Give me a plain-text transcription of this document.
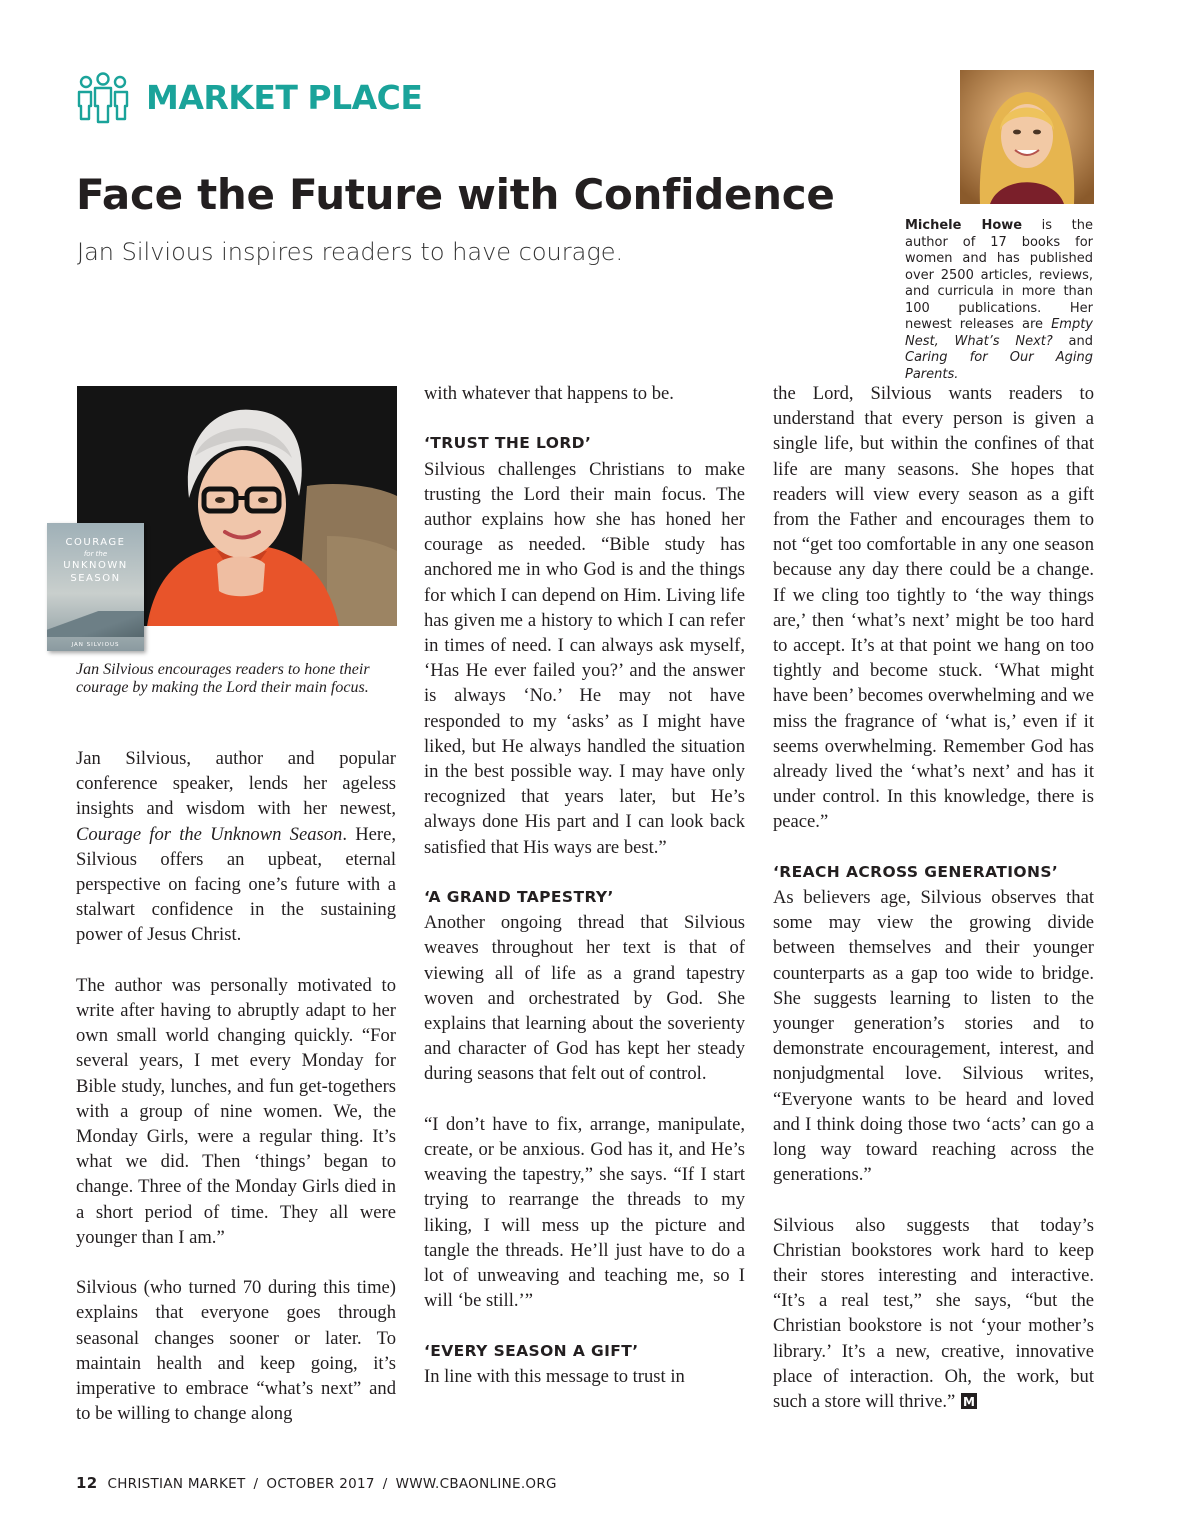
MARKET PLACE
Face the Future with Confidence
Jan Silvious inspires readers to have courage.
Michele Howe is the author of 17 books for women and has published over 2500 articles, reviews, and curricula in more than 100 publications. Her newest releases are Empty Nest, What’s Next? and Caring for Our Aging Parents.
COURAGE
for the
UNKNOWN
SEASON
JAN SILVIOUS
Jan Silvious encourages readers to hone their courage by making the Lord their main focus.

Jan Silvious, author and popular conference speaker, lends her ageless insights and wisdom with her newest, Courage for the Unknown Season. Here, Silvious offers an upbeat, eternal perspective on facing one’s future with a stalwart confidence in the sustaining power of Jesus Christ.

The author was personally motivated to write after having to abruptly adapt to her own small world changing quickly. “For several years, I met every Monday for Bible study, lunches, and fun get-togethers with a group of nine women. We, the Monday Girls, were a regular thing. It’s what we did. Then ‘things’ began to change. Three of the Monday Girls died in a short period of time. They all were younger than I am.”

Silvious (who turned 70 during this time) explains that everyone goes through seasonal changes sooner or later. To maintain health and keep going, it’s imperative to embrace “what’s next” and to be willing to change along

with whatever that happens to be.

‘TRUST THE LORD’

Silvious challenges Christians to make trusting the Lord their main focus. The author explains how she has honed her courage as needed. “Bible study has anchored me in who God is and the things for which I can depend on Him. Living life has given me a history to which I can refer in times of need. I can always ask myself, ‘Has He ever failed you?’ and the answer is always ‘No.’ He may not have responded to my ‘asks’ as I might have liked, but He always handled the situation in the best possible way. I may have only recognized that years later, but He’s always done His part and I can look back satisfied that His ways are best.”

‘A GRAND TAPESTRY’

Another ongoing thread that Silvious weaves throughout her text is that of viewing all of life as a grand tapestry woven and orchestrated by God. She explains that learning about the soverienty and character of God has kept her steady during seasons that felt out of control.

“I don’t have to fix, arrange, manipulate, create, or be anxious. God has it, and He’s weaving the tapestry,” she says. “If I start trying to rearrange the threads to my liking, I will mess up the picture and tangle the threads. He’ll just have to do a lot of unweaving and teaching me, so I will ‘be still.’”

‘EVERY SEASON A GIFT’

In line with this message to trust in

the Lord, Silvious wants readers to understand that every person is given a single life, but within the confines of that life are many seasons. She hopes that readers will view every season as a gift from the Father and encourages them to not “get too comfortable in any one season because any day there could be a change. If we cling too tightly to ‘the way things are,’ then ‘what’s next’ might be too hard to accept. It’s at that point we hang on too tightly and become stuck. ‘What might have been’ becomes overwhelming and we miss the fragrance of ‘what is,’ even if it seems overwhelming. Remember God has already lived the ‘what’s next’ and has it under control. In this knowledge, there is peace.”

‘REACH ACROSS GENERATIONS’

As believers age, Silvious observes that some may view the growing divide between themselves and their younger counterparts as a gap too wide to bridge. She suggests learning to listen to the younger generation’s stories and to demonstrate encouragement, interest, and nonjudgmental love. Silvious writes, “Everyone wants to be heard and loved and I think doing those two ‘acts’ can go a long way toward reaching across the generations.”

Silvious also suggests that today’s Christian bookstores work hard to keep their stores interesting and interactive. “It’s a real test,” she says, “but the Christian bookstore is not ‘your mother’s library.’ It’s a new, creative, innovative place of interaction. Oh, the work, but such a store will thrive.” M

12 CHRISTIAN MARKET / OCTOBER 2017 / WWW.CBAONLINE.ORG
